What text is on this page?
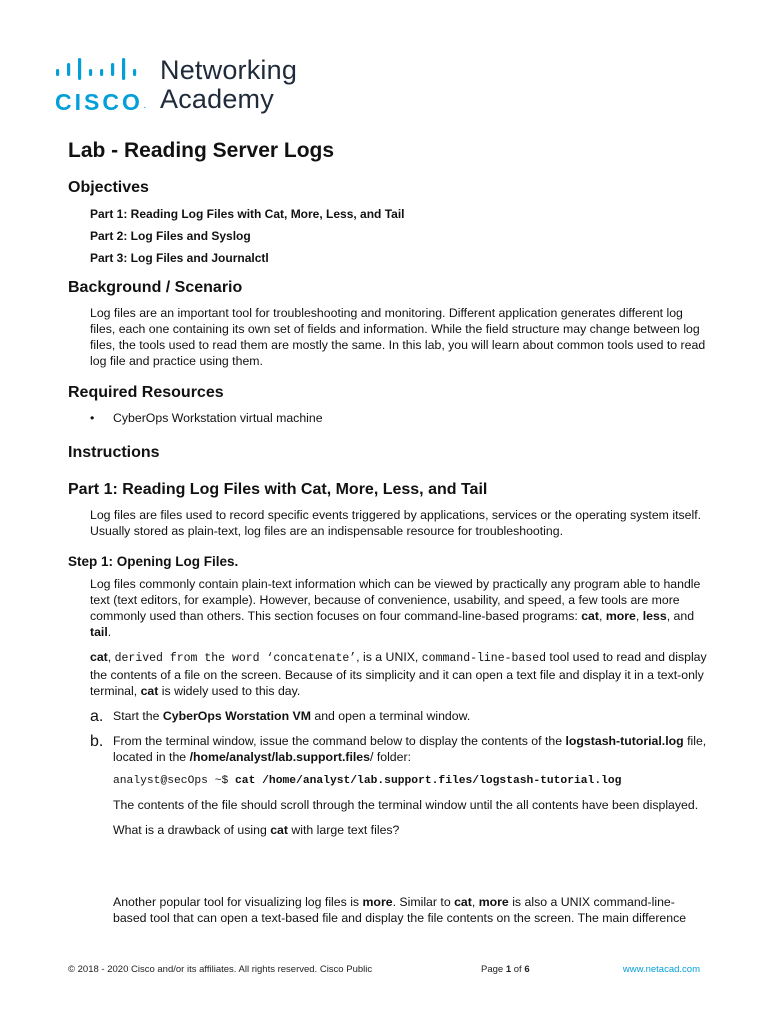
CISCO.
Networking
Academy
Lab - Reading Server Logs
Objectives
Part 1: Reading Log Files with Cat, More, Less, and Tail
Part 2: Log Files and Syslog
Part 3: Log Files and Journalctl
Background / Scenario

Log files are an important tool for troubleshooting and monitoring. Different application generates different log files, each one containing its own set of fields and information. While the field structure may change between log files, the tools used to read them are mostly the same. In this lab, you will learn about common tools used to read log file and practice using them.

Required Resources
• CyberOps Workstation virtual machine
Instructions
Part 1: Reading Log Files with Cat, More, Less, and Tail

Log files are files used to record specific events triggered by applications, services or the operating system itself. Usually stored as plain-text, log files are an indispensable resource for troubleshooting.

Step 1: Opening Log Files.

Log files commonly contain plain-text information which can be viewed by practically any program able to handle text (text editors, for example). However, because of convenience, usability, and speed, a few tools are more commonly used than others. This section focuses on four command-line-based programs: cat, more, less, and tail.

cat, derived from the word ‘concatenate’, is a UNIX, command-line-based tool used to read and display the contents of a file on the screen. Because of its simplicity and it can open a text file and display it in a text-only terminal, cat is widely used to this day.

a. Start the CyberOps Worstation VM and open a terminal window.

b. From the terminal window, issue the command below to display the contents of the logstash-tutorial.log file, located in the /home/analyst/lab.support.files/ folder:

analyst@secOps ~$ cat /home/analyst/lab.support.files/logstash-tutorial.log

The contents of the file should scroll through the terminal window until the all contents have been displayed.

What is a drawback of using cat with large text files?

Another popular tool for visualizing log files is more. Similar to cat, more is also a UNIX command-line-based tool that can open a text-based file and display the file contents on the screen. The main difference

© 2018 - 2020 Cisco and/or its affiliates. All rights reserved. Cisco Public	Page 1 of 6	www.netacad.com
